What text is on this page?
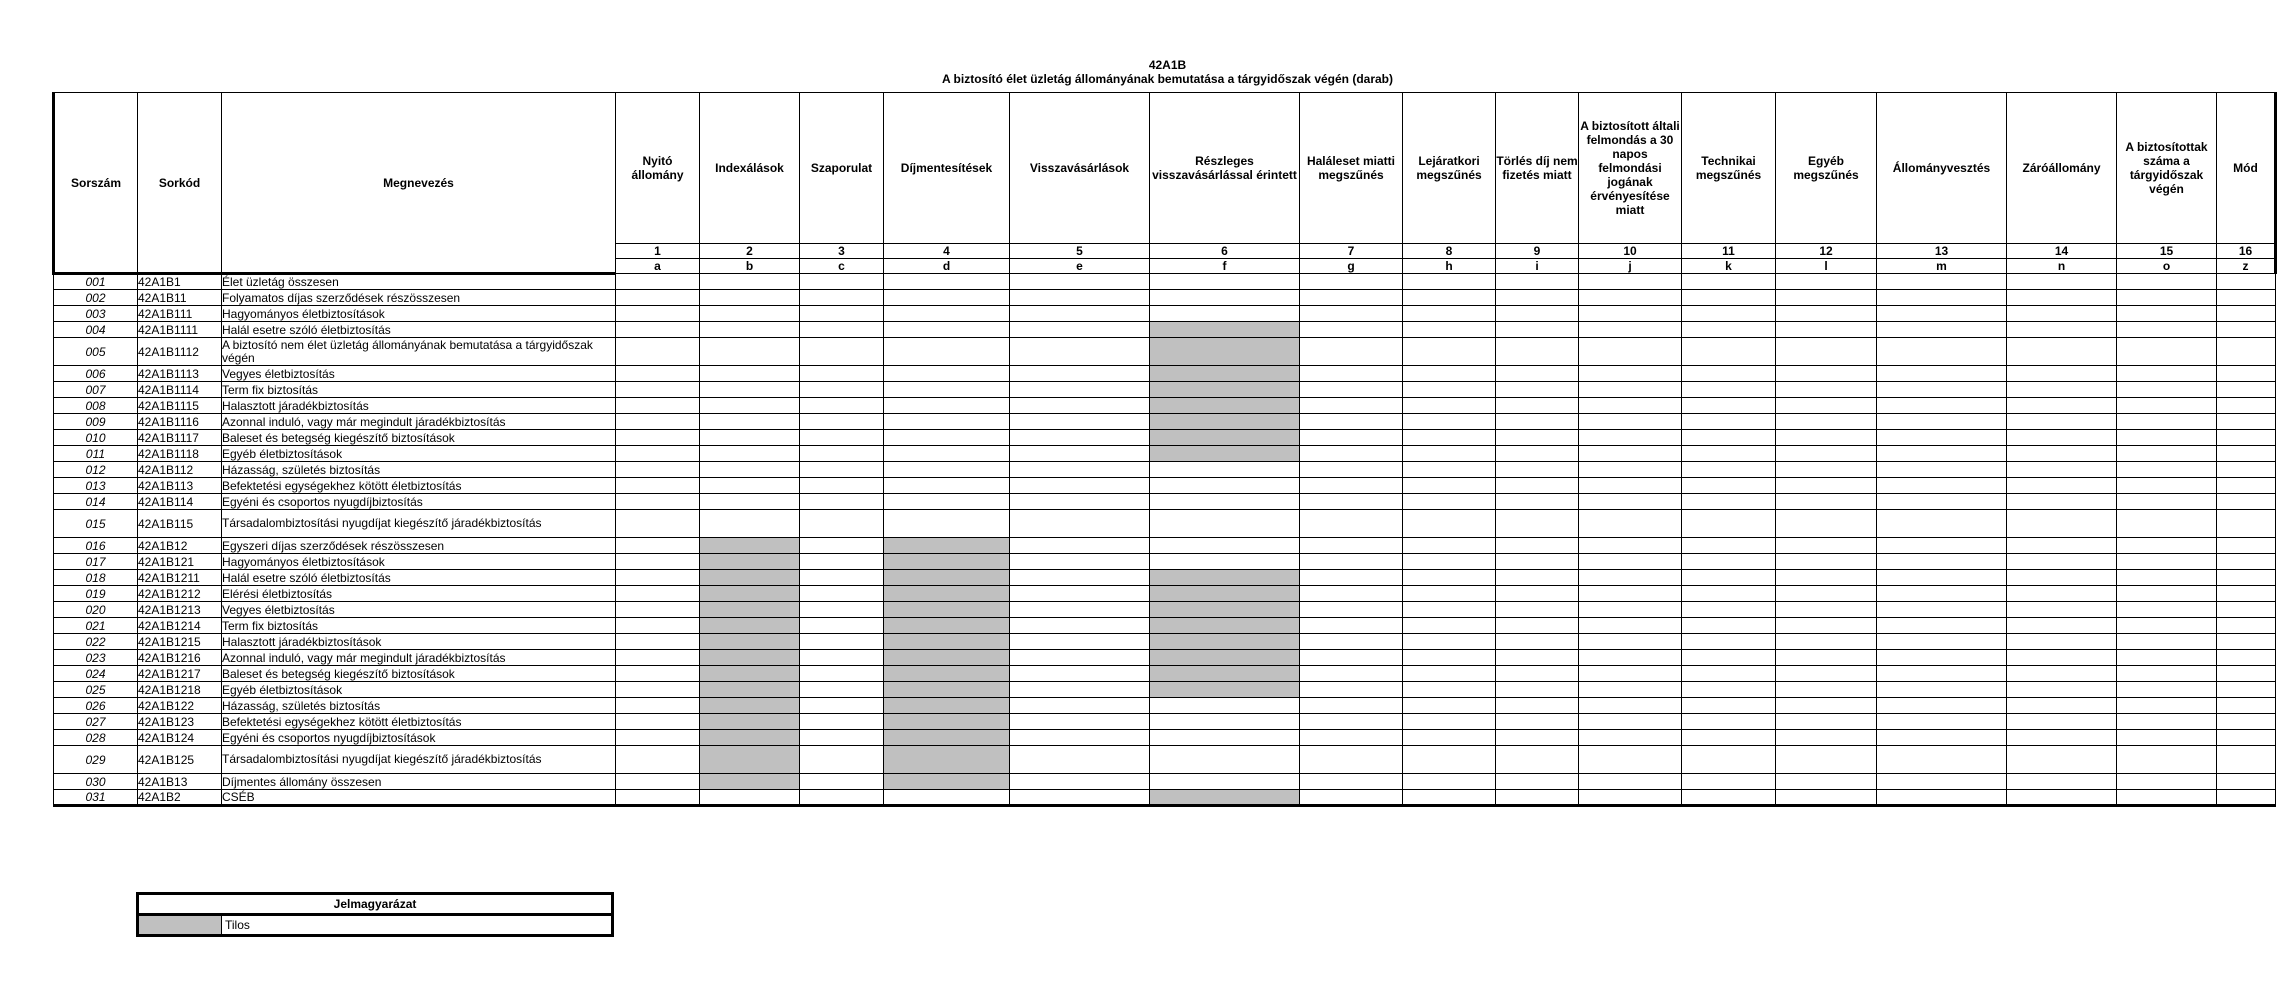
42A1B
A biztosító élet üzletág állományának bemutatása a tárgyidőszak végén (darab)
Sorszám	Sorkód	Megnevezés	Nyitó állomány	Indexálások	Szaporulat	Díjmentesítések	Visszavásárlások	Részleges visszavásárlással érintett	Haláleset miatti megszűnés	Lejáratkori megszűnés	Törlés díj nem fizetés miatt	A biztosított általi felmondás a 30 napos felmondási jogának érvényesítése miatt	Technikai megszűnés	Egyéb megszűnés	Állományvesztés	Záróállomány	A biztosítottak száma a tárgyidőszak végén	Mód
			1	2	3	4	5	6	7	8	9	10	11	12	13	14	15	16
			a	b	c	d	e	f	g	h	i	j	k	l	m	n	o	z
001	42A1B1	Élet üzletág összesen																
002	42A1B11	Folyamatos díjas szerződések részösszesen																
003	42A1B111	Hagyományos életbiztosítások																
004	42A1B1111	Halál esetre szóló életbiztosítás																
005	42A1B1112	A biztosító nem élet üzletág állományának bemutatása a tárgyidőszak végén																
006	42A1B1113	Vegyes életbiztosítás																
007	42A1B1114	Term fix biztosítás																
008	42A1B1115	Halasztott járadékbiztosítás																
009	42A1B1116	Azonnal induló, vagy már megindult járadékbiztosítás																
010	42A1B1117	Baleset és betegség kiegészítő biztosítások																
011	42A1B1118	Egyéb életbiztosítások																
012	42A1B112	Házasság, születés biztosítás																
013	42A1B113	Befektetési egységekhez kötött életbiztosítás																
014	42A1B114	Egyéni és csoportos nyugdíjbiztosítás																
015	42A1B115	Társadalombiztosítási nyugdíjat kiegészítő járadékbiztosítás																
016	42A1B12	Egyszeri díjas szerződések részösszesen																
017	42A1B121	Hagyományos életbiztosítások																
018	42A1B1211	Halál esetre szóló életbiztosítás																
019	42A1B1212	Elérési életbiztosítás																
020	42A1B1213	Vegyes életbiztosítás																
021	42A1B1214	Term fix biztosítás																
022	42A1B1215	Halasztott járadékbiztosítások																
023	42A1B1216	Azonnal induló, vagy már megindult járadékbiztosítás																
024	42A1B1217	Baleset és betegség kiegészítő biztosítások																
025	42A1B1218	Egyéb életbiztosítások																
026	42A1B122	Házasság, születés biztosítás																
027	42A1B123	Befektetési egységekhez kötött életbiztosítás																
028	42A1B124	Egyéni és csoportos nyugdíjbiztosítások																
029	42A1B125	Társadalombiztosítási nyugdíjat kiegészítő járadékbiztosítás																
030	42A1B13	Díjmentes állomány összesen																
031	42A1B2	CSÉB																
Jelmagyarázat
	Tilos
